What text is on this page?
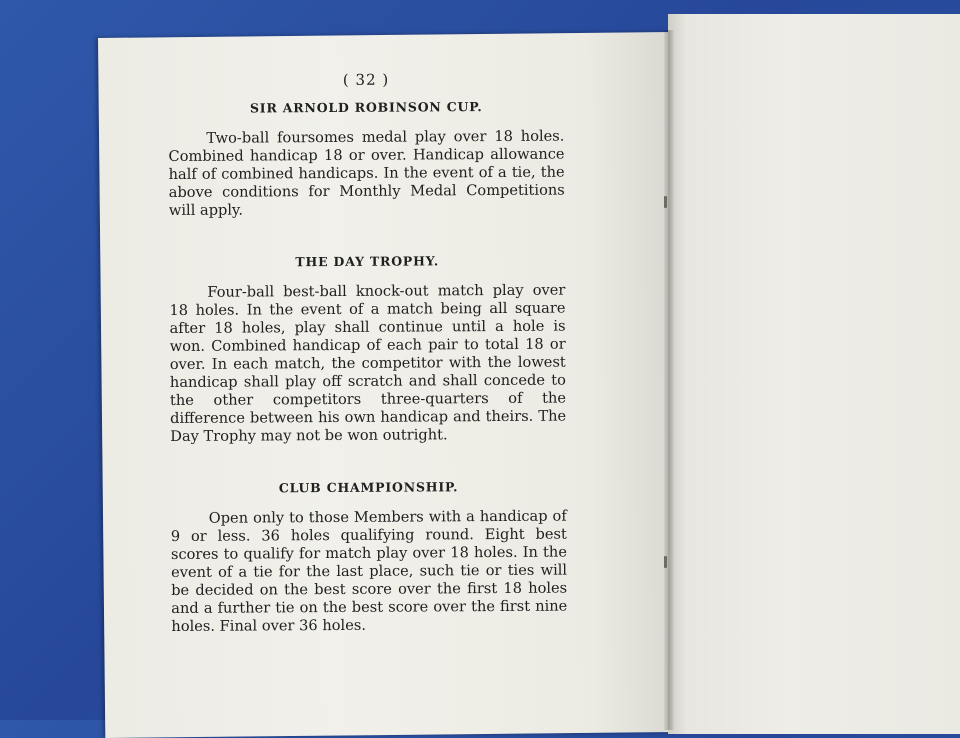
( 32 )
SIR ARNOLD ROBINSON CUP.

Two-ball foursomes medal play over 18 holes. Combined handicap 18 or over. Handicap allowance half of combined handicaps. In the event of a tie, the above conditions for Monthly Medal Competitions will apply.

THE DAY TROPHY.

Four-ball best-ball knock-out match play over 18 holes. In the event of a match being all square after 18 holes, play shall continue until a hole is won. Combined handicap of each pair to total 18 or over. In each match, the competitor with the lowest handicap shall play off scratch and shall concede to the other competitors three-quarters of the difference between his own handicap and theirs. The Day Trophy may not be won outright.

CLUB CHAMPIONSHIP.

Open only to those Members with a handicap of 9 or less. 36 holes qualifying round. Eight best scores to qualify for match play over 18 holes. In the event of a tie for the last place, such tie or ties will be decided on the best score over the first 18 holes and a further tie on the best score over the first nine holes. Final over 36 holes.
